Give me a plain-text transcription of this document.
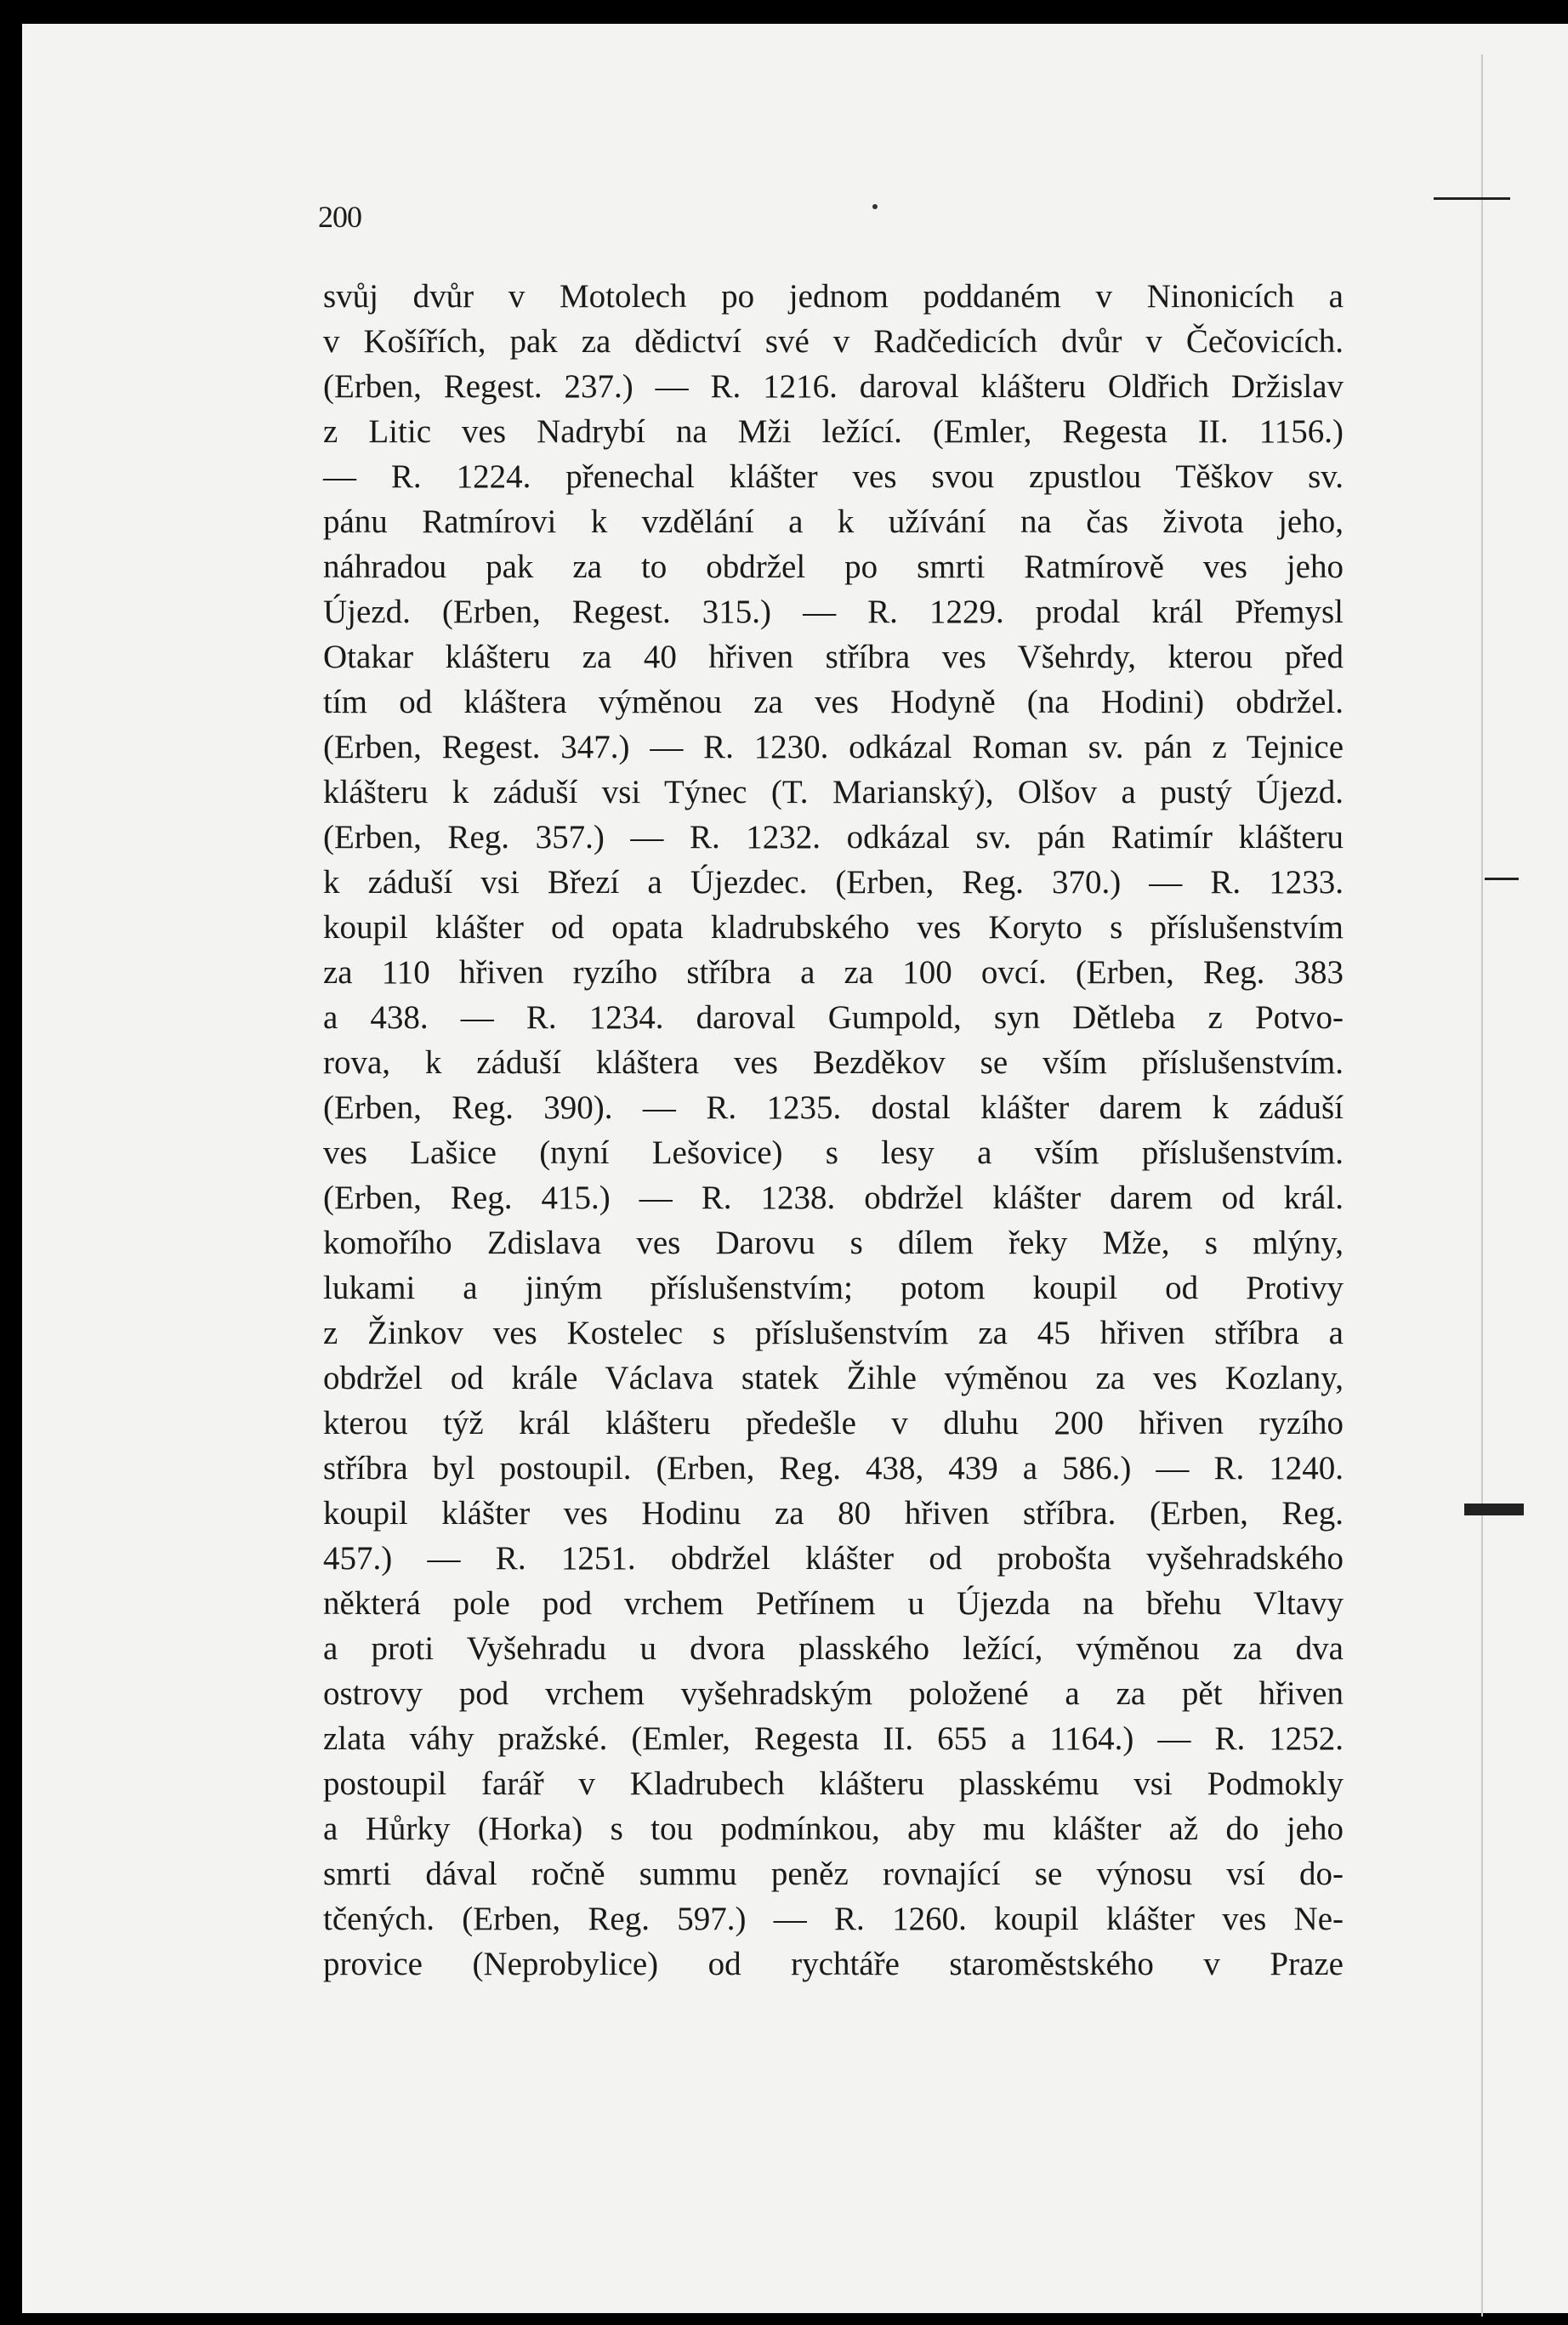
200
svůj dvůr v Motolech po jednom poddaném v Ninonicích a
v Košířích, pak za dědictví své v Radčedicích dvůr v Čečovicích.
(Erben, Regest. 237.) — R. 1216. daroval klášteru Oldřich Držislav
z Litic ves Nadrybí na Mži ležící. (Emler, Regesta II. 1156.)
— R. 1224. přenechal klášter ves svou zpustlou Těškov sv.
pánu Ratmírovi k vzdělání a k užívání na čas života jeho,
náhradou pak za to obdržel po smrti Ratmírově ves jeho
Újezd. (Erben, Regest. 315.) — R. 1229. prodal král Přemysl
Otakar klášteru za 40 hřiven stříbra ves Všehrdy, kterou před
tím od kláštera výměnou za ves Hodyně (na Hodini) obdržel.
(Erben, Regest. 347.) — R. 1230. odkázal Roman sv. pán z Tejnice
klášteru k záduší vsi Týnec (T. Marianský), Olšov a pustý Újezd.
(Erben, Reg. 357.) — R. 1232. odkázal sv. pán Ratimír klášteru
k záduší vsi Březí a Újezdec. (Erben, Reg. 370.) — R. 1233.
koupil klášter od opata kladrubského ves Koryto s příslušenstvím
za 110 hřiven ryzího stříbra a za 100 ovcí. (Erben, Reg. 383
a 438. — R. 1234. daroval Gumpold, syn Dětleba z Potvo-
rova, k záduší kláštera ves Bezděkov se vším příslušenstvím.
(Erben, Reg. 390). — R. 1235. dostal klášter darem k záduší
ves Lašice (nyní Lešovice) s lesy a vším příslušenstvím.
(Erben, Reg. 415.) — R. 1238. obdržel klášter darem od král.
komořího Zdislava ves Darovu s dílem řeky Mže, s mlýny,
lukami a jiným příslušenstvím; potom koupil od Protivy
z Žinkov ves Kostelec s příslušenstvím za 45 hřiven stříbra a
obdržel od krále Václava statek Žihle výměnou za ves Kozlany,
kterou týž král klášteru předešle v dluhu 200 hřiven ryzího
stříbra byl postoupil. (Erben, Reg. 438, 439 a 586.) — R. 1240.
koupil klášter ves Hodinu za 80 hřiven stříbra. (Erben, Reg.
457.) — R. 1251. obdržel klášter od probošta vyšehradského
některá pole pod vrchem Petřínem u Újezda na břehu Vltavy
a proti Vyšehradu u dvora plasského ležící, výměnou za dva
ostrovy pod vrchem vyšehradským položené a za pět hřiven
zlata váhy pražské. (Emler, Regesta II. 655 a 1164.) — R. 1252.
postoupil farář v Kladrubech klášteru plasskému vsi Podmokly
a Hůrky (Horka) s tou podmínkou, aby mu klášter až do jeho
smrti dával ročně summu peněz rovnající se výnosu vsí do-
tčených. (Erben, Reg. 597.) — R. 1260. koupil klášter ves Ne-
provice (Neprobylice) od rychtáře staroměstského v Praze
